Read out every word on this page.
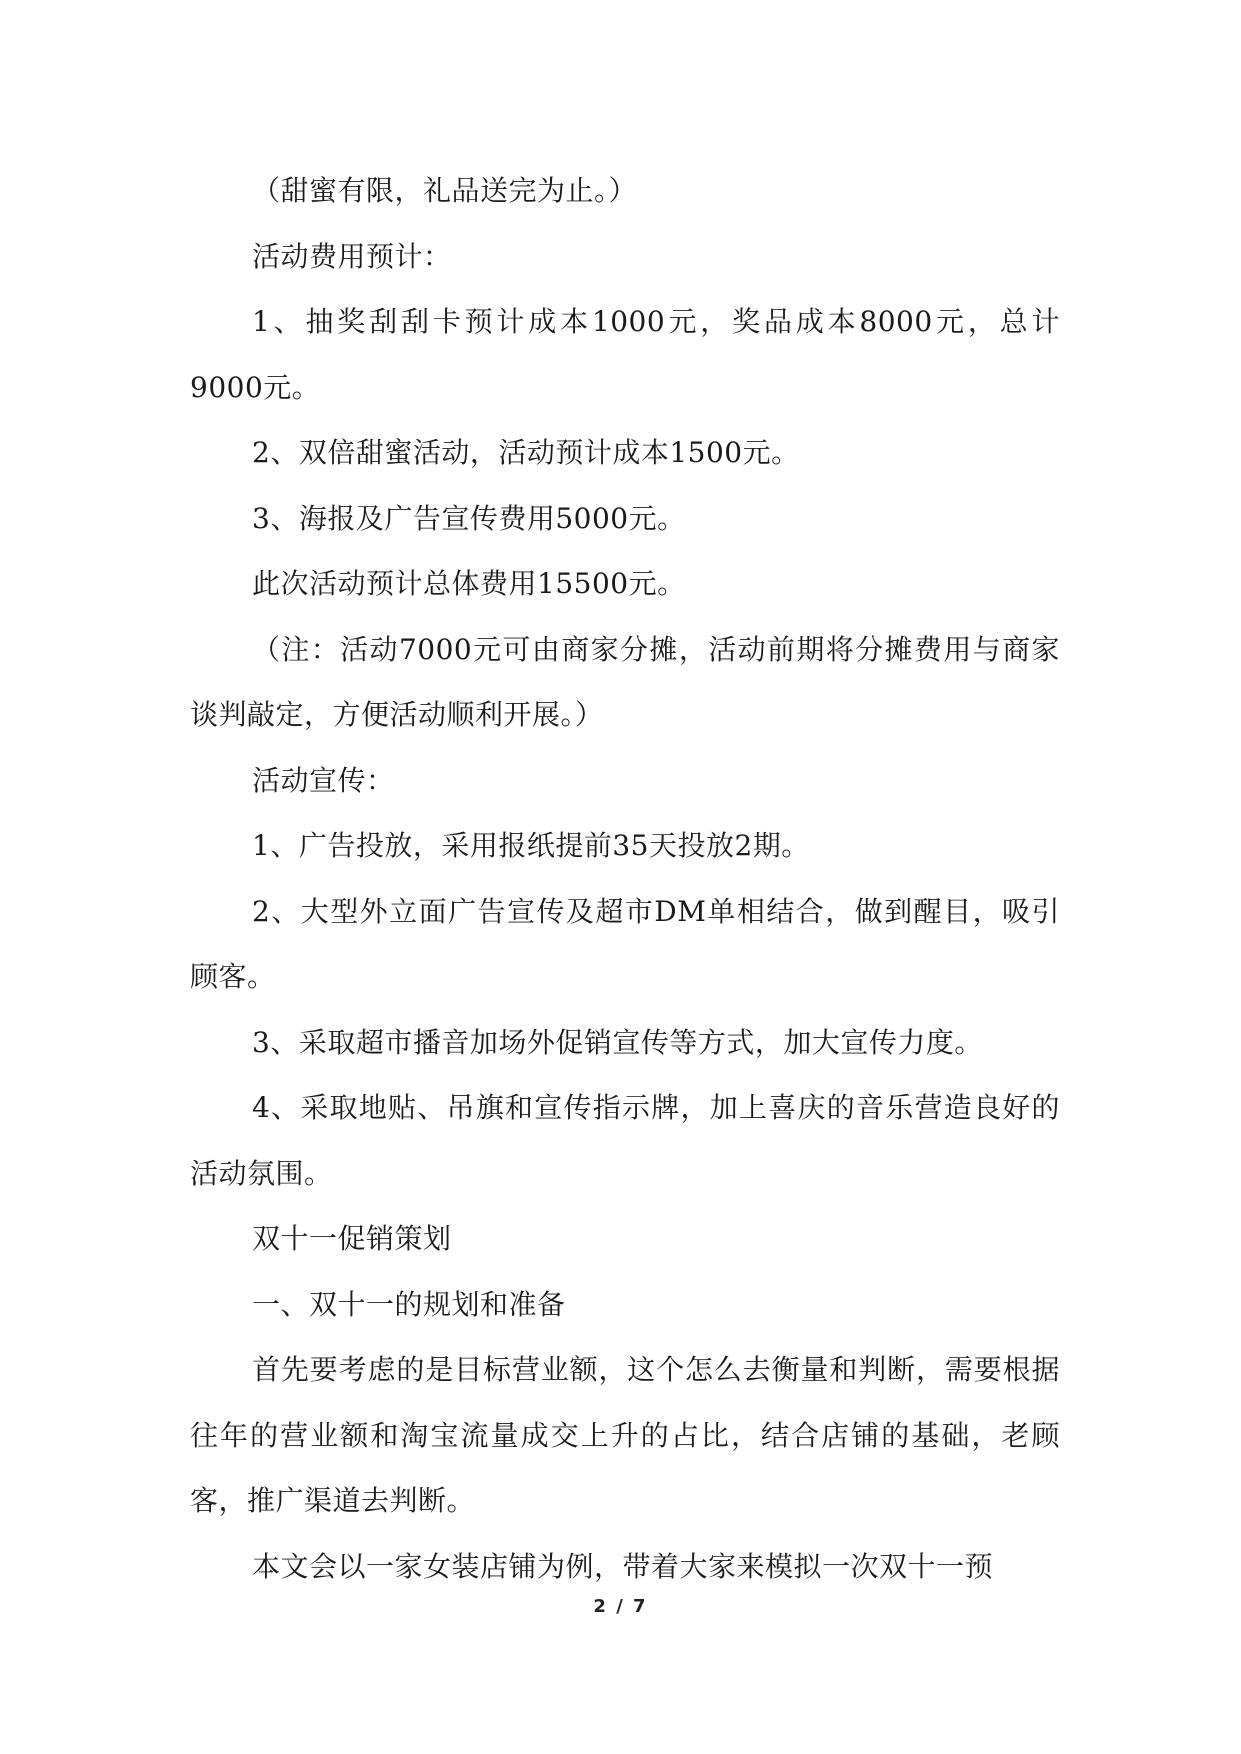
（甜蜜有限，礼品送完为止。）

活动费用预计：

1、抽奖刮刮卡预计成本1000元，奖品成本8000元，总计9000元。

2、双倍甜蜜活动，活动预计成本1500元。

3、海报及广告宣传费用5000元。

此次活动预计总体费用15500元。

（注：活动7000元可由商家分摊，活动前期将分摊费用与商家谈判敲定，方便活动顺利开展。）

活动宣传：

1、广告投放，采用报纸提前35天投放2期。

2、大型外立面广告宣传及超市DM单相结合，做到醒目，吸引顾客。

3、采取超市播音加场外促销宣传等方式，加大宣传力度。

4、采取地贴、吊旗和宣传指示牌，加上喜庆的音乐营造良好的活动氛围。

双十一促销策划

一、双十一的规划和准备

首先要考虑的是目标营业额，这个怎么去衡量和判断，需要根据往年的营业额和淘宝流量成交上升的占比，结合店铺的基础，老顾客，推广渠道去判断。

本文会以一家女装店铺为例，带着大家来模拟一次双十一预

2 / 7
